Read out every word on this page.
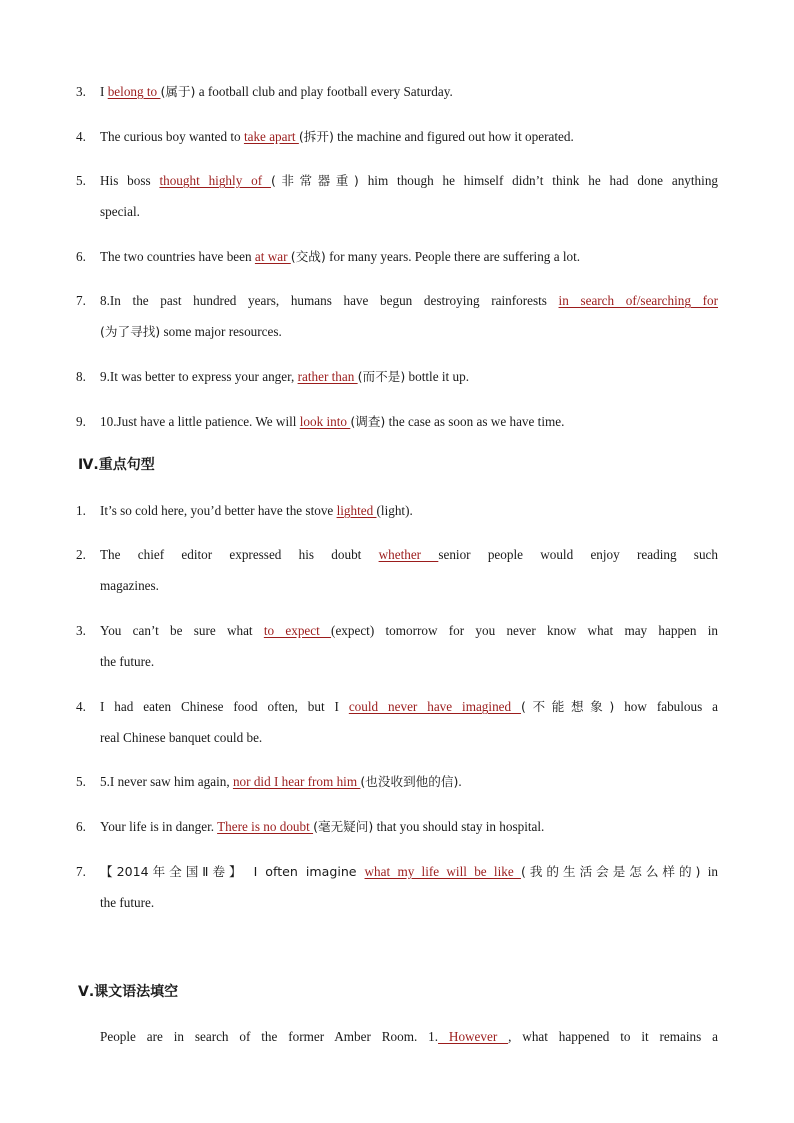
3.	I belong to (属于) a football club and play football every Saturday.
4.	The curious boy wanted to take apart (拆开) the machine and figured out how it operated.
5.	His boss thought highly of (非常器重) him though he himself didn’t think he had done anything
special.
6.	The two countries have been at war (交战) for many years. People there are suffering a lot.
7.	8.In the past hundred years, humans have begun destroying rainforests in search of/searching for
(为了寻找) some major resources.
8.	9.It was better to express your anger, rather than (而不是) bottle it up.
9.	10.Just have a little patience. We will look into (调查) the case as soon as we have time.
Ⅳ.重点句型
1.	It’s so cold here, you’d better have the stove lighted (light).
2.	The chief editor expressed his doubt whether senior people would enjoy reading such
magazines.
3.	You can’t be sure what to expect (expect) tomorrow for you never know what may happen in
the future.
4.	I had eaten Chinese food often, but I could never have imagined (不能想象) how fabulous a
real Chinese banquet could be.
5.	5.I never saw him again, nor did I hear from him (也没收到他的信).
6.	Your life is in danger. There is no doubt (毫无疑问) that you should stay in hospital.
7.	【2014年全国Ⅱ卷】 I often imagine what my life will be like (我的生活会是怎么样的) in
the future.
Ⅴ.课文语法填空
People are in search of the former Amber Room. 1. However , what happened to it remains a
